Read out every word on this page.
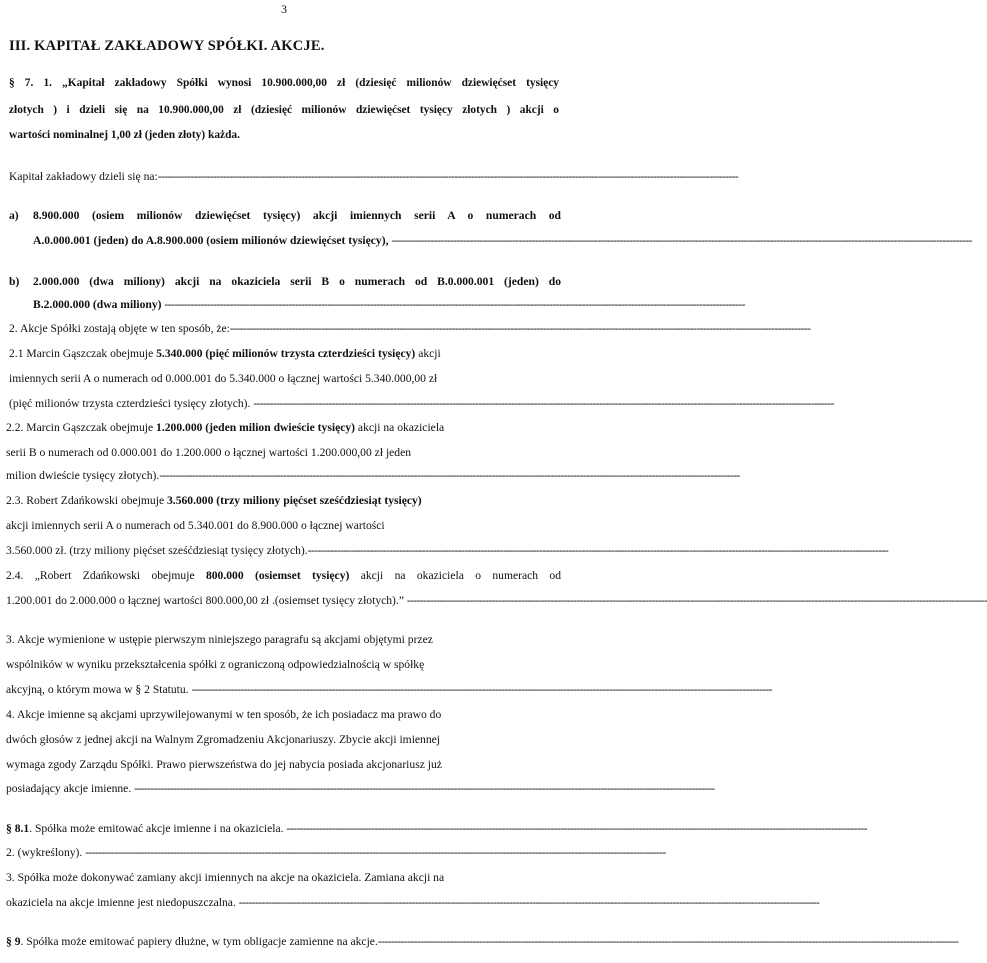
3
III. KAPITAŁ ZAKŁADOWY SPÓŁKI. AKCJE.
§ 7. 1. „Kapitał zakładowy Spółki wynosi 10.900.000,00 zł (dziesięć milionów dziewięćset tysięcy
złotych ) i dzieli się na 10.900.000,00 zł (dziesięć milionów dziewięćset tysięcy złotych ) akcji o
wartości nominalnej 1,00 zł (jeden złoty) każda.
Kapitał zakładowy dzieli się na:----------------------------------------------------------------------------------------------------------------------------------------------------------------------------------
a) 8.900.000 (osiem milionów dziewięćset tysięcy) akcji imiennych serii A o numerach od
A.0.000.001 (jeden) do A.8.900.000 (osiem milionów dziewięćset tysięcy), ----------------------------------------------------------------------------------------------------------------------------------------------------------------------------------
b) 2.000.000 (dwa miliony) akcji na okaziciela serii B o numerach od B.0.000.001 (jeden) do
B.2.000.000 (dwa miliony) ----------------------------------------------------------------------------------------------------------------------------------------------------------------------------------
2. Akcje Spółki zostają objęte w ten sposób, że:----------------------------------------------------------------------------------------------------------------------------------------------------------------------------------
2.1 Marcin Gąszczak obejmuje 5.340.000 (pięć milionów trzysta czterdzieści tysięcy) akcji
imiennych serii A o numerach od 0.000.001 do 5.340.000 o łącznej wartości 5.340.000,00 zł
(pięć milionów trzysta czterdzieści tysięcy złotych). ----------------------------------------------------------------------------------------------------------------------------------------------------------------------------------
2.2. Marcin Gąszczak obejmuje 1.200.000 (jeden milion dwieście tysięcy) akcji na okaziciela
serii B o numerach od 0.000.001 do 1.200.000 o łącznej wartości 1.200.000,00 zł jeden
milion dwieście tysięcy złotych).----------------------------------------------------------------------------------------------------------------------------------------------------------------------------------
2.3. Robert Zdańkowski obejmuje 3.560.000 (trzy miliony pięćset sześćdziesiąt tysięcy)
akcji imiennych serii A o numerach od 5.340.001 do 8.900.000 o łącznej wartości
3.560.000 zł. (trzy miliony pięćset sześćdziesiąt tysięcy złotych).----------------------------------------------------------------------------------------------------------------------------------------------------------------------------------
2.4. „Robert Zdańkowski obejmuje 800.000 (osiemset tysięcy) akcji na okaziciela o numerach od
1.200.001 do 2.000.000 o łącznej wartości 800.000,00 zł .(osiemset tysięcy złotych).” ----------------------------------------------------------------------------------------------------------------------------------------------------------------------------------
3. Akcje wymienione w ustępie pierwszym niniejszego paragrafu są akcjami objętymi przez
wspólników w wyniku przekształcenia spółki z ograniczoną odpowiedzialnością w spółkę
akcyjną, o którym mowa w § 2 Statutu. ----------------------------------------------------------------------------------------------------------------------------------------------------------------------------------
4. Akcje imienne są akcjami uprzywilejowanymi w ten sposób, że ich posiadacz ma prawo do
dwóch głosów z jednej akcji na Walnym Zgromadzeniu Akcjonariuszy. Zbycie akcji imiennej
wymaga zgody Zarządu Spółki. Prawo pierwszeństwa do jej nabycia posiada akcjonariusz już
posiadający akcje imienne. ----------------------------------------------------------------------------------------------------------------------------------------------------------------------------------
§ 8.1. Spółka może emitować akcje imienne i na okaziciela. ----------------------------------------------------------------------------------------------------------------------------------------------------------------------------------
2. (wykreślony). ----------------------------------------------------------------------------------------------------------------------------------------------------------------------------------
3. Spółka może dokonywać zamiany akcji imiennych na akcje na okaziciela. Zamiana akcji na
okaziciela na akcje imienne jest niedopuszczalna. ----------------------------------------------------------------------------------------------------------------------------------------------------------------------------------
§ 9. Spółka może emitować papiery dłużne, w tym obligacje zamienne na akcje.----------------------------------------------------------------------------------------------------------------------------------------------------------------------------------
